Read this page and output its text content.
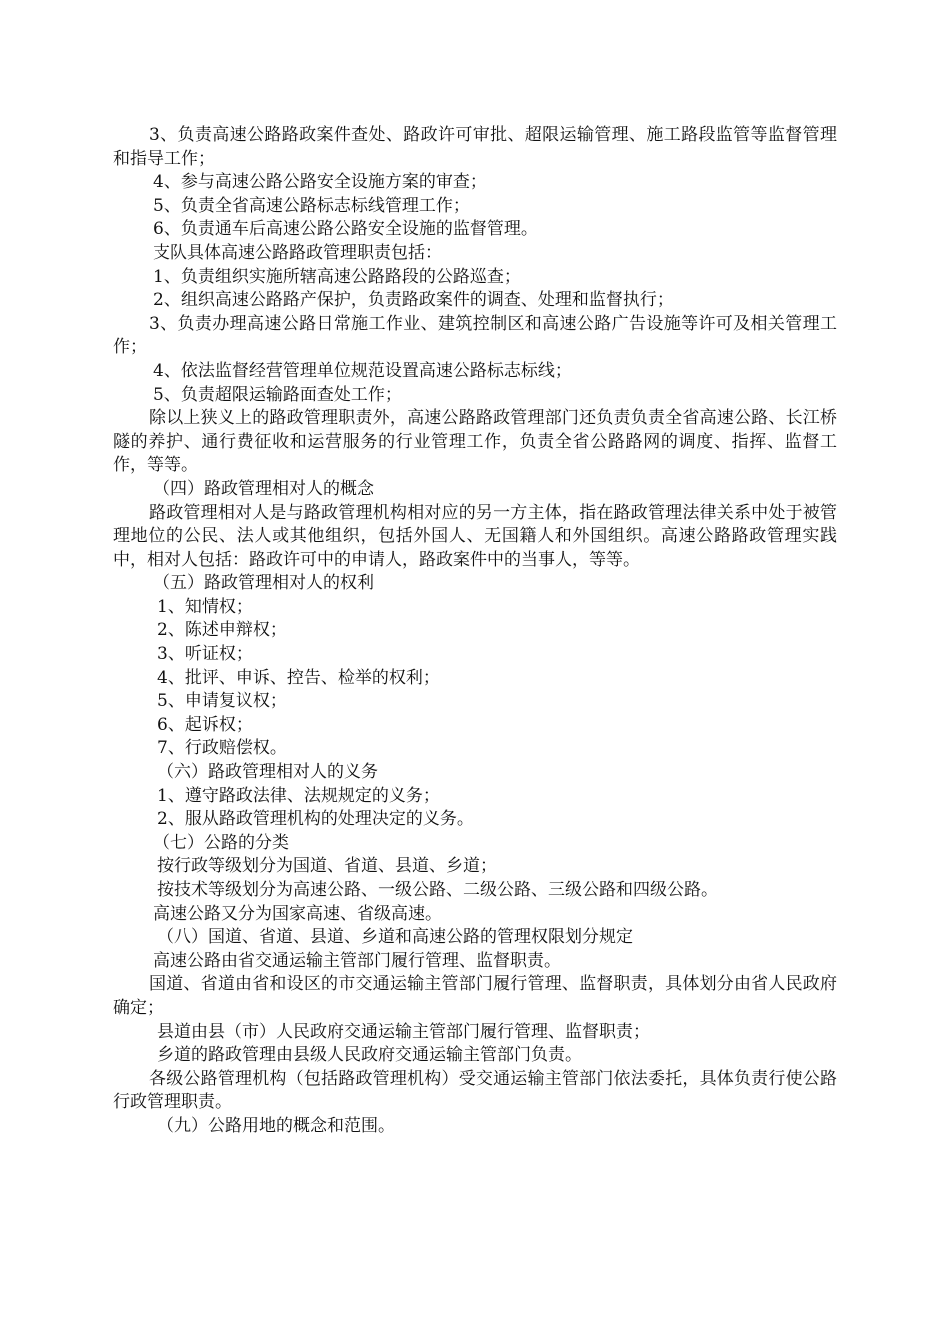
3、负责高速公路路政案件查处、路政许可审批、超限运输管理、施工路段监管等监督管理和指导工作；

4、参与高速公路公路安全设施方案的审查；

5、负责全省高速公路标志标线管理工作；

6、负责通车后高速公路公路安全设施的监督管理。

支队具体高速公路路政管理职责包括：

1、负责组织实施所辖高速公路路段的公路巡查；

2、组织高速公路路产保护，负责路政案件的调查、处理和监督执行；

3、负责办理高速公路日常施工作业、建筑控制区和高速公路广告设施等许可及相关管理工作；

4、依法监督经营管理单位规范设置高速公路标志标线；

5、负责超限运输路面查处工作；

除以上狭义上的路政管理职责外，高速公路路政管理部门还负责负责全省高速公路、长江桥隧的养护、通行费征收和运营服务的行业管理工作，负责全省公路路网的调度、指挥、监督工作，等等。

（四）路政管理相对人的概念

路政管理相对人是与路政管理机构相对应的另一方主体，指在路政管理法律关系中处于被管理地位的公民、法人或其他组织，包括外国人、无国籍人和外国组织。高速公路路政管理实践中，相对人包括：路政许可中的申请人，路政案件中的当事人，等等。

（五）路政管理相对人的权利

1、知情权；

2、陈述申辩权；

3、听证权；

4、批评、申诉、控告、检举的权利；

5、申请复议权；

6、起诉权；

7、行政赔偿权。

（六）路政管理相对人的义务

1、遵守路政法律、法规规定的义务；

2、服从路政管理机构的处理决定的义务。

（七）公路的分类

按行政等级划分为国道、省道、县道、乡道；

按技术等级划分为高速公路、一级公路、二级公路、三级公路和四级公路。

高速公路又分为国家高速、省级高速。

（八）国道、省道、县道、乡道和高速公路的管理权限划分规定

高速公路由省交通运输主管部门履行管理、监督职责。

国道、省道由省和设区的市交通运输主管部门履行管理、监督职责，具体划分由省人民政府确定；

县道由县（市）人民政府交通运输主管部门履行管理、监督职责；

乡道的路政管理由县级人民政府交通运输主管部门负责。

各级公路管理机构（包括路政管理机构）受交通运输主管部门依法委托，具体负责行使公路行政管理职责。

（九）公路用地的概念和范围。
